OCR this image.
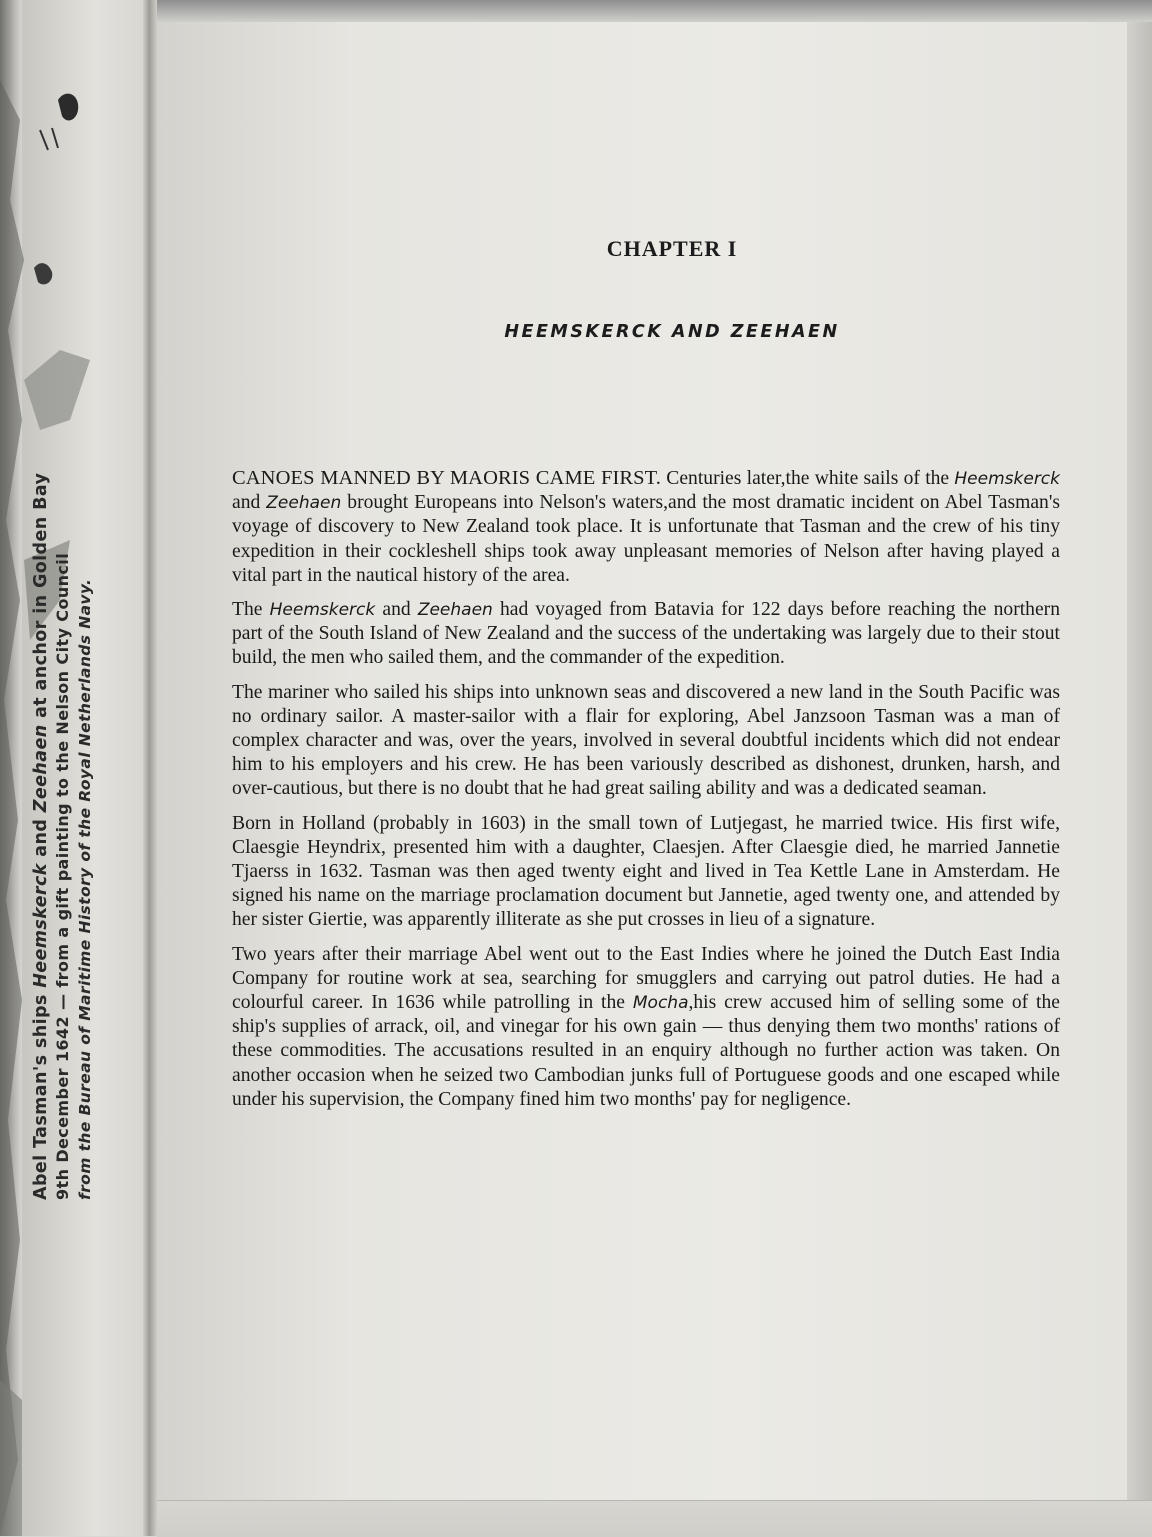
Abel Tasman's ships Heemskerck and Zeehaen at anchor in Golden Bay 9th December 1642 — from a gift painting to the Nelson City Council from the Bureau of Maritime History of the Royal Netherlands Navy.

CHAPTER I
HEEMSKERCK AND ZEEHAEN

CANOES MANNED BY MAORIS CAME FIRST. Centuries later,the white sails of the Heemskerck and Zeehaen brought Europeans into Nelson's waters,and the most dramatic incident on Abel Tasman's voyage of discovery to New Zealand took place. It is unfortunate that Tasman and the crew of his tiny expedition in their cockleshell ships took away unpleasant memories of Nelson after having played a vital part in the nautical history of the area.

The Heemskerck and Zeehaen had voyaged from Batavia for 122 days before reaching the northern part of the South Island of New Zealand and the success of the undertaking was largely due to their stout build, the men who sailed them, and the commander of the expedition.

The mariner who sailed his ships into unknown seas and discovered a new land in the South Pacific was no ordinary sailor. A master-sailor with a flair for exploring, Abel Janzsoon Tasman was a man of complex character and was, over the years, involved in several doubtful incidents which did not endear him to his employers and his crew. He has been variously described as dishonest, drunken, harsh, and over-cautious, but there is no doubt that he had great sailing ability and was a dedicated seaman.

Born in Holland (probably in 1603) in the small town of Lutjegast, he married twice. His first wife, Claesgie Heyndrix, presented him with a daughter, Claesjen. After Claesgie died, he married Jannetie Tjaerss in 1632. Tasman was then aged twenty eight and lived in Tea Kettle Lane in Amsterdam. He signed his name on the marriage proclamation document but Jannetie, aged twenty one, and attended by her sister Giertie, was apparently illiterate as she put crosses in lieu of a signature.

Two years after their marriage Abel went out to the East Indies where he joined the Dutch East India Company for routine work at sea, searching for smugglers and carrying out patrol duties. He had a colourful career. In 1636 while patrolling in the Mocha,his crew accused him of selling some of the ship's supplies of arrack, oil, and vinegar for his own gain — thus denying them two months' rations of these commodities. The accusations resulted in an enquiry although no further action was taken. On another occasion when he seized two Cambodian junks full of Portuguese goods and one escaped while under his supervision, the Company fined him two months' pay for negligence.
